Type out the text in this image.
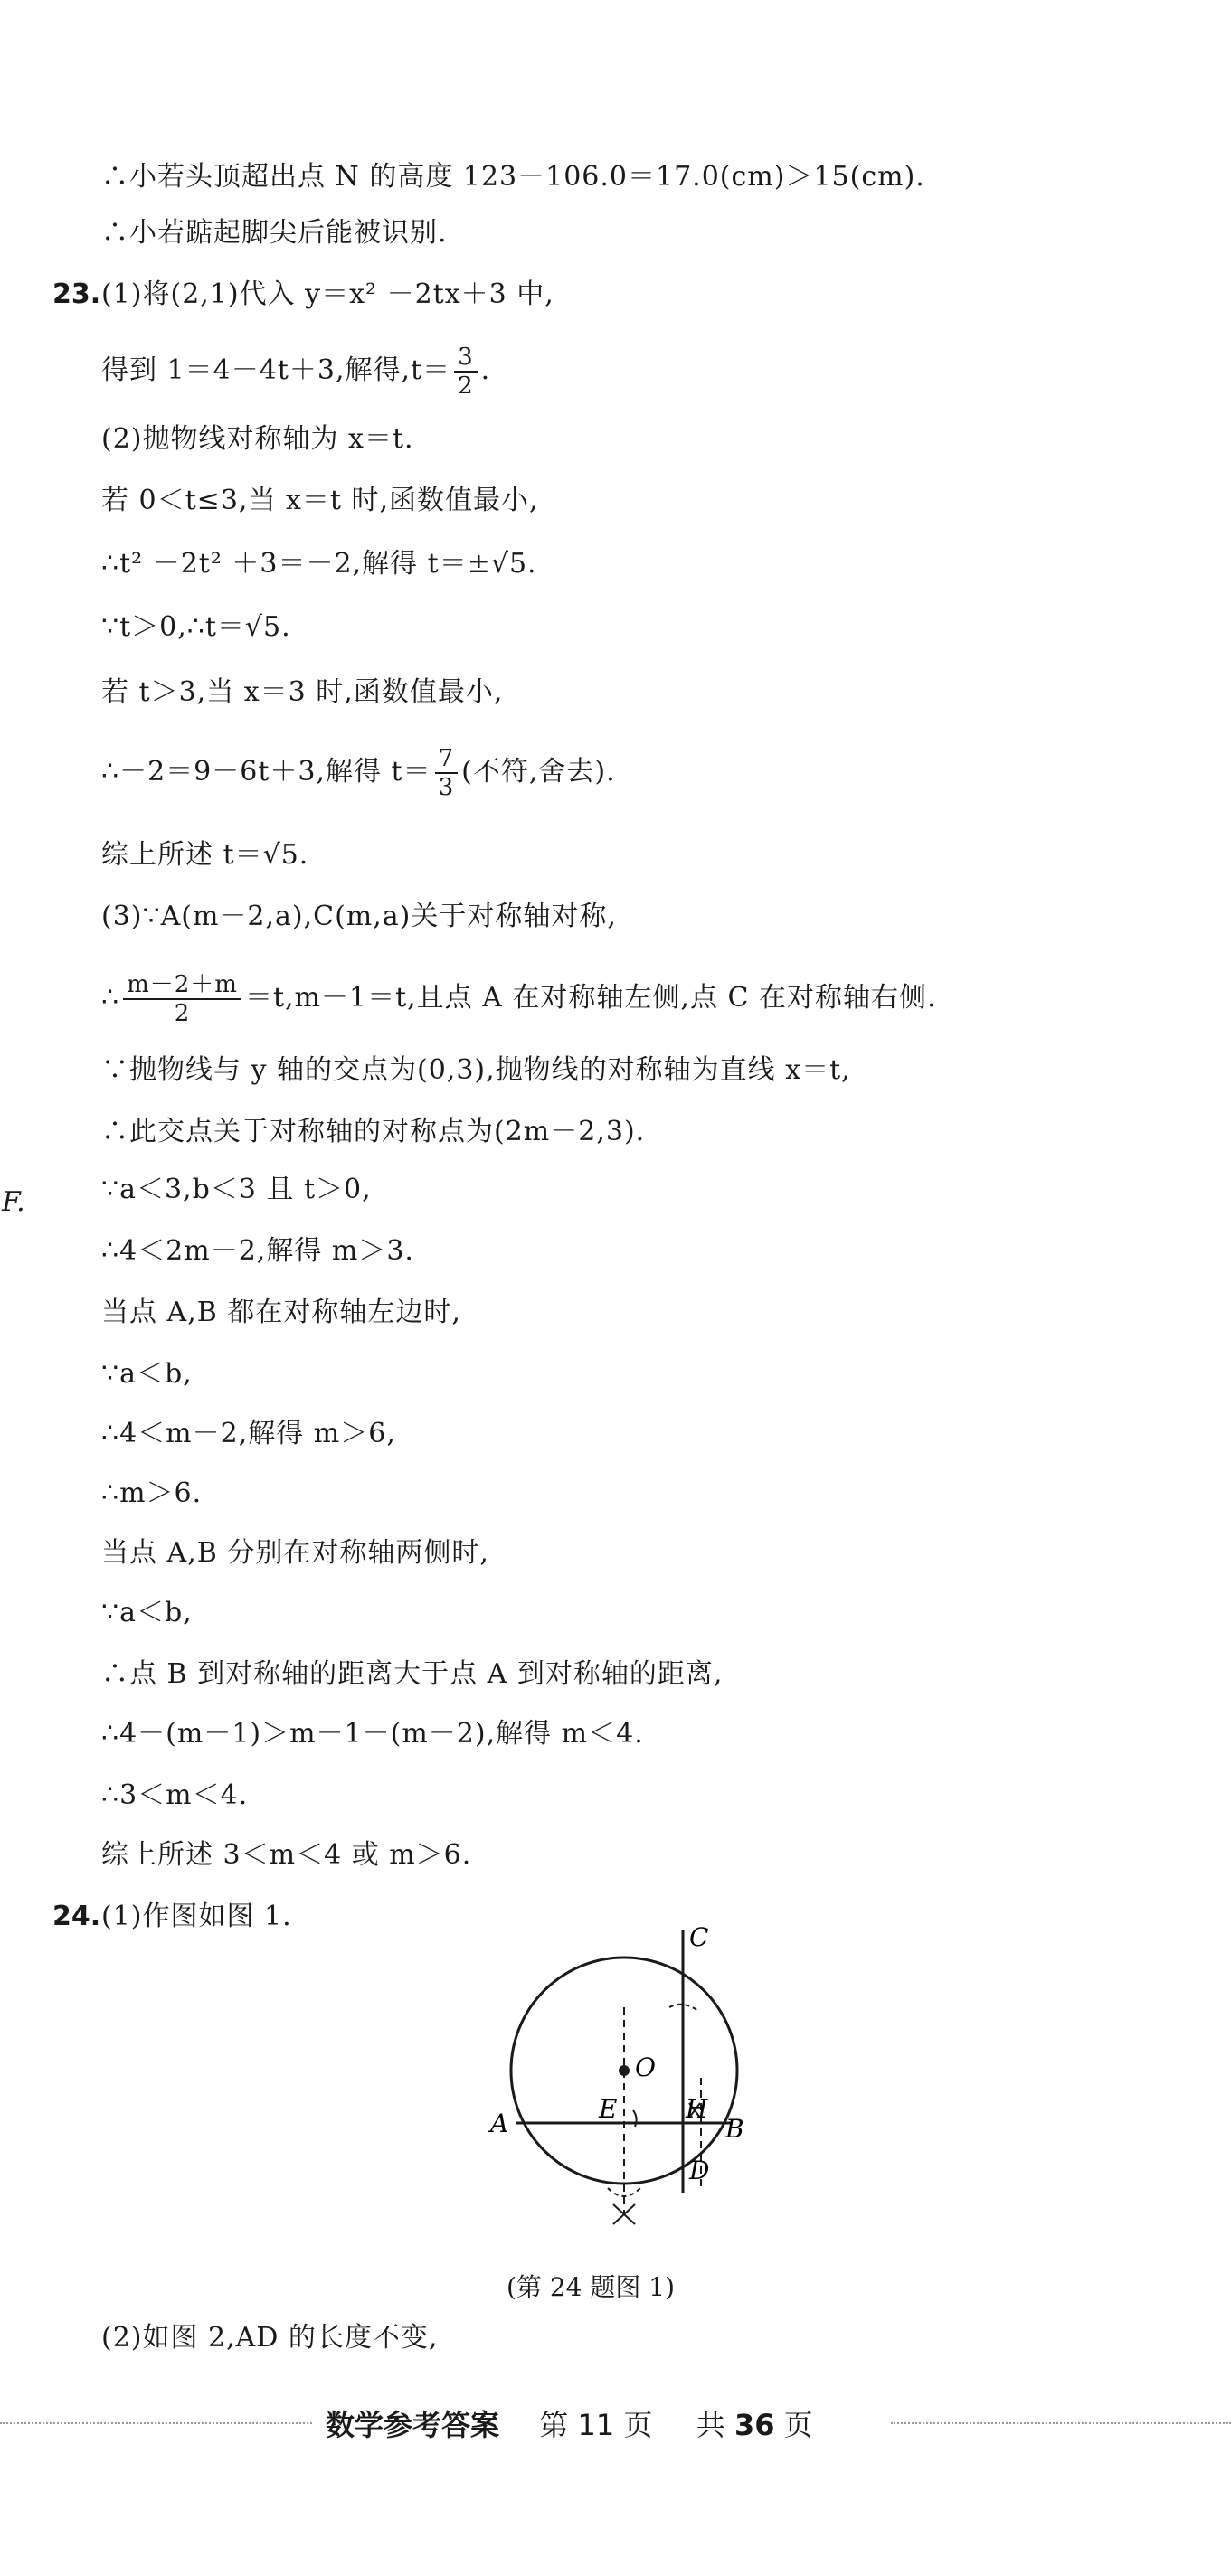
∴小若头顶超出点 N 的高度 123－106.0＝17.0(cm)＞15(cm).
∴小若踮起脚尖后能被识别.
23. (1)将(2,1)代入 y＝x² －2tx＋3 中,
得到 1＝4－4t＋3,解得$,t= \frac{3}{2}$ .
(2)抛物线对称轴为 x＝t.
若 0＜t≤3,当 x＝t 时,函数值最小,
∴t² －2t² ＋3＝－2,解得 t＝±√5.
∵t＞0,∴t＝√5.
若 t＞3,当 x＝3 时,函数值最小,
∴－2＝9－6t＋3,解得 $t= \frac{7}{3}$ (不符,舍去).
综上所述 t＝√5.
(3)∵A(m－2,a),C(m,a)关于对称轴对称,
∴ $\frac{m-2+m}{2} =t,m-1=t$,且点 A 在对称轴左侧,点 C 在对称轴右侧.
∵抛物线与 y 轴的交点为(0,3),抛物线的对称轴为直线 x＝t,
∴此交点关于对称轴的对称点为(2m－2,3).
F.	∵a＜3,b＜3 且 t＞0,
∴4＜2m－2,解得 m＞3.
当点 A,B 都在对称轴左边时,
∵a＜b,
∴4＜m－2,解得 m＞6,
∴m＞6.
当点 A,B 分别在对称轴两侧时,
∵a＜b,
∴点 B 到对称轴的距离大于点 A 到对称轴的距离,
∴4－(m－1)＞m－1－(m－2),解得 m＜4.
∴3＜m＜4.
综上所述 3＜m＜4 或 m＞6.
24. (1)作图如图 1.
C
O
E	H
A	B
D
(第 24 题图 1)
(2)如图 2,AD 的长度不变,
数学参考答案 第 11 页 共 36 页
